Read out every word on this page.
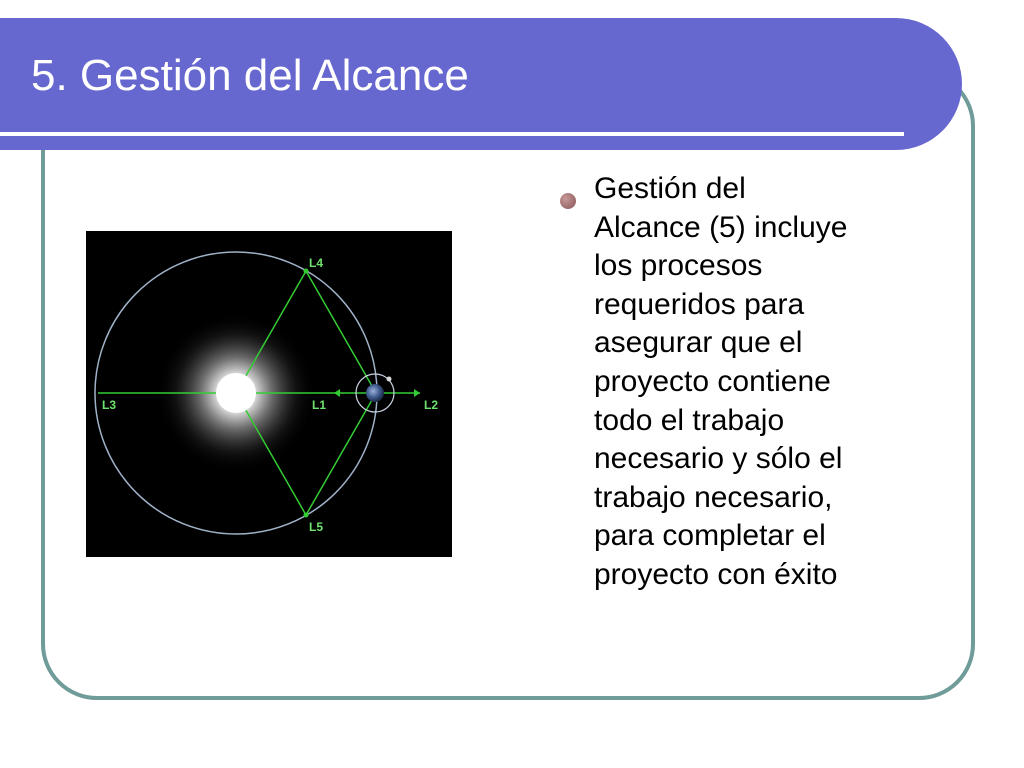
5. Gestión del Alcance
L4
L5
L3	L1	L2

Gestión del
Alcance (5) incluye
los procesos
requeridos para
asegurar que el
proyecto contiene
todo el trabajo
necesario y sólo el
trabajo necesario,
para completar el
proyecto con éxito
